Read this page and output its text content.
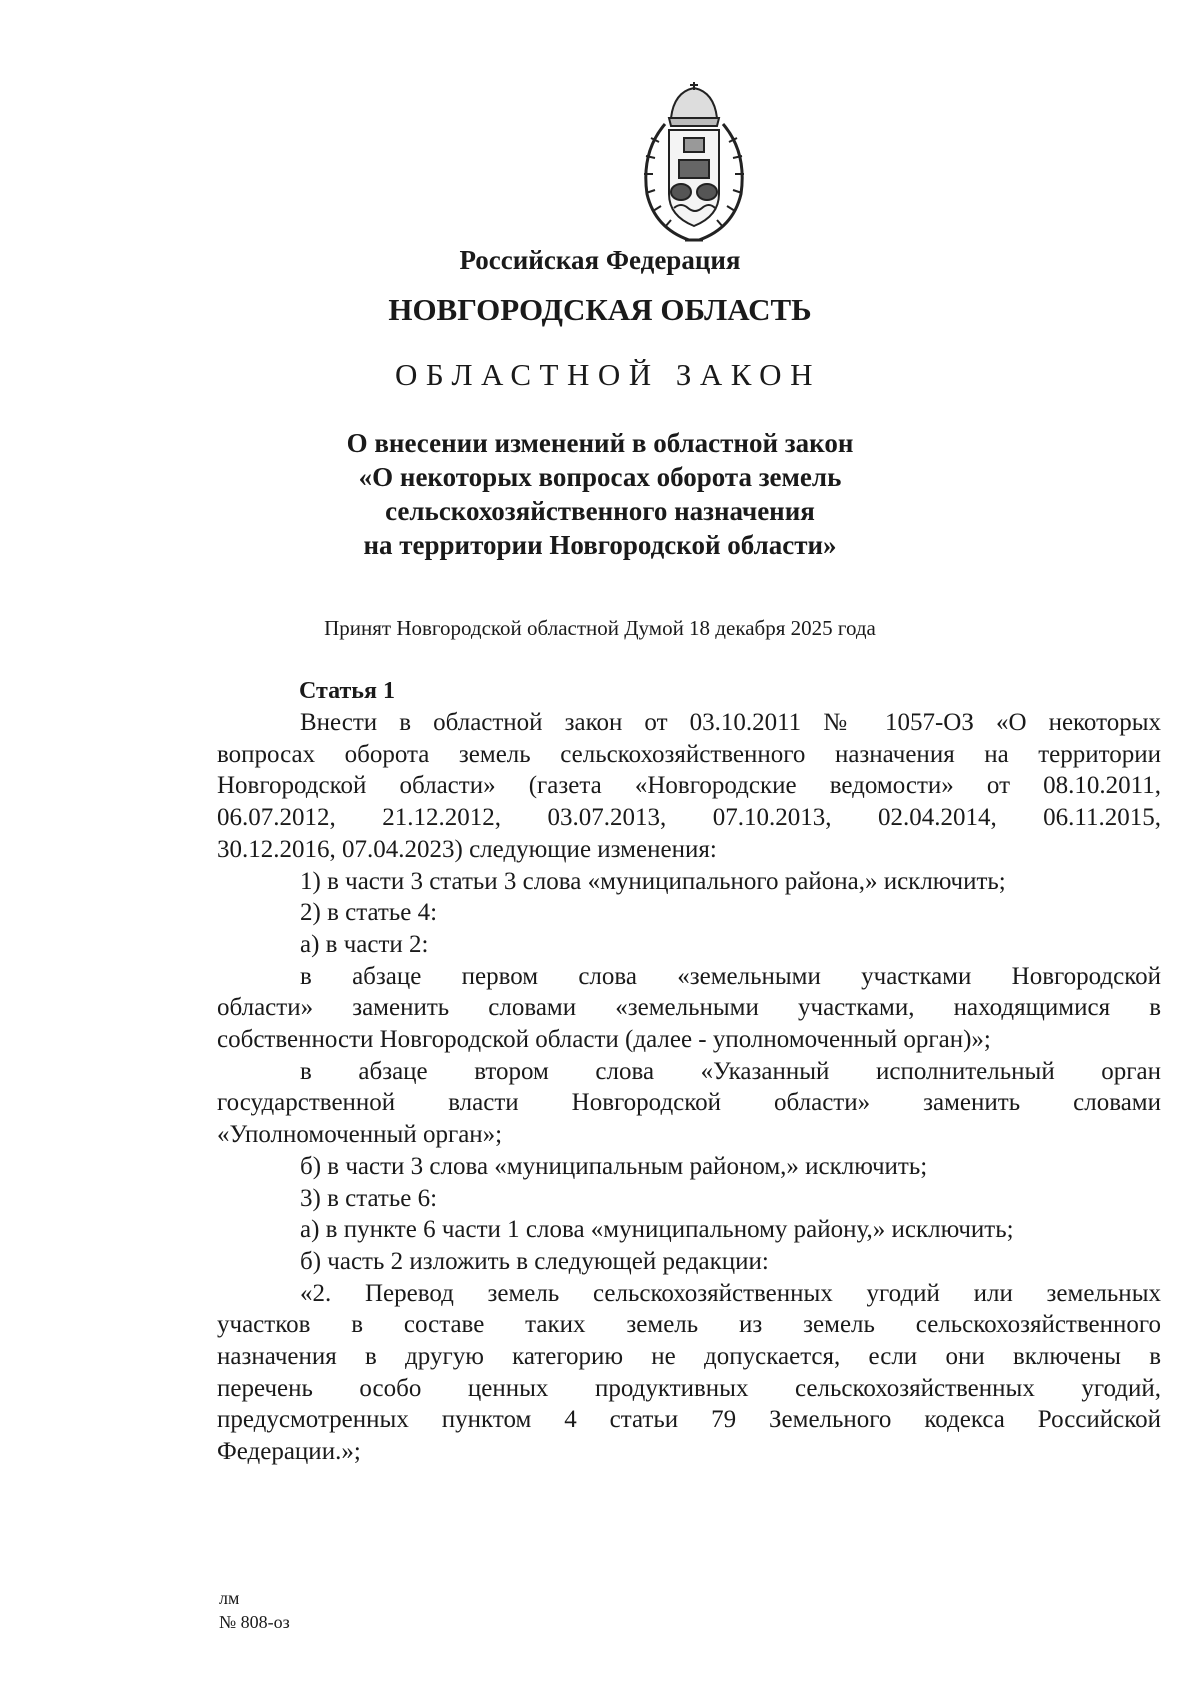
Российская Федерация
НОВГОРОДСКАЯ ОБЛАСТЬ
ОБЛАСТНОЙ ЗАКОН
О внесении изменений в областной закон
«О некоторых вопросах оборота земель
сельскохозяйственного назначения
на территории Новгородской области»
Принят Новгородской областной Думой 18 декабря 2025 года
Статья 1
Внести в областной закон от 03.10.2011 № 1057-ОЗ «О некоторых
вопросах оборота земель сельскохозяйственного назначения на территории
Новгородской области» (газета «Новгородские ведомости» от 08.10.2011,
06.07.2012, 21.12.2012, 03.07.2013, 07.10.2013, 02.04.2014, 06.11.2015,
30.12.2016, 07.04.2023) следующие изменения:
1) в части 3 статьи 3 слова «муниципального района,» исключить;
2) в статье 4:
а) в части 2:
в абзаце первом слова «земельными участками Новгородской
области» заменить словами «земельными участками, находящимися в
собственности Новгородской области (далее - уполномоченный орган)»;
в абзаце втором слова «Указанный исполнительный орган
государственной власти Новгородской области» заменить словами
«Уполномоченный орган»;
б) в части 3 слова «муниципальным районом,» исключить;
3) в статье 6:
а) в пункте 6 части 1 слова «муниципальному району,» исключить;
б) часть 2 изложить в следующей редакции:
«2. Перевод земель сельскохозяйственных угодий или земельных
участков в составе таких земель из земель сельскохозяйственного
назначения в другую категорию не допускается, если они включены в
перечень особо ценных продуктивных сельскохозяйственных угодий,
предусмотренных пунктом 4 статьи 79 Земельного кодекса Российской
Федерации.»;
лм
№ 808-оз
